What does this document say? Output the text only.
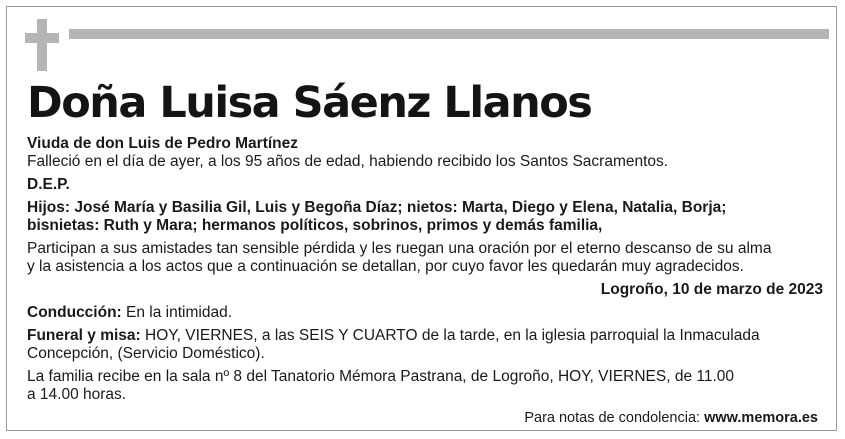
Doña Luisa Sáenz Llanos

Viuda de don Luis de Pedro Martínez

Falleció en el día de ayer, a los 95 años de edad, habiendo recibido los Santos Sacramentos.

D.E.P.

Hijos: José María y Basilia Gil, Luis y Begoña Díaz; nietos: Marta, Diego y Elena, Natalia, Borja;

bisnietas: Ruth y Mara; hermanos políticos, sobrinos, primos y demás familia,

Participan a sus amistades tan sensible pérdida y les ruegan una oración por el eterno descanso de su alma

y la asistencia a los actos que a continuación se detallan, por cuyo favor les quedarán muy agradecidos.

Logroño, 10 de marzo de 2023

Conducción: En la intimidad.

Funeral y misa: HOY, VIERNES, a las SEIS Y CUARTO de la tarde, en la iglesia parroquial la Inmaculada

Concepción, (Servicio Doméstico).

La familia recibe en la sala nº 8 del Tanatorio Mémora Pastrana, de Logroño, HOY, VIERNES, de 11.00

a 14.00 horas.

Para notas de condolencia: www.memora.es
